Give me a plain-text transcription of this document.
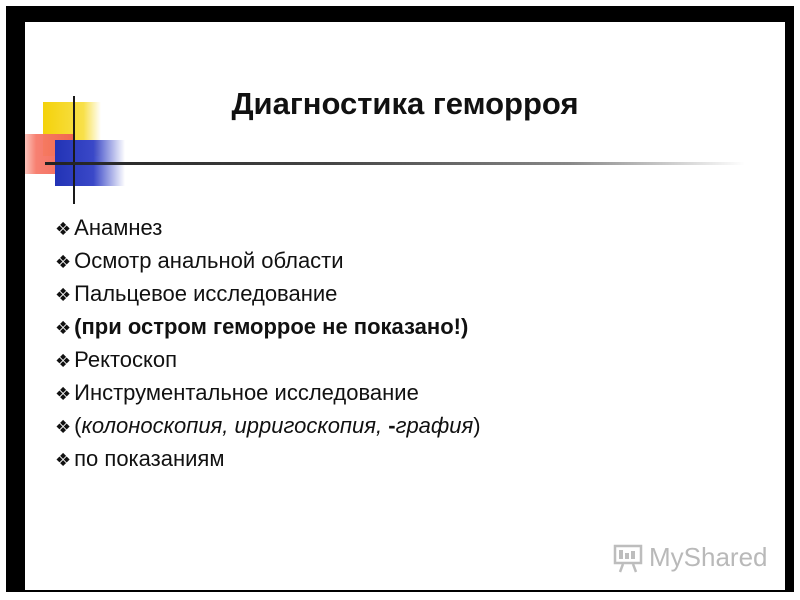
Диагностика геморроя
❖ Анамнез
❖ Осмотр анальной области
❖ Пальцевое исследование
❖ (при остром геморрое не показано!)
❖ Ректоскоп
❖ Инструментальное исследование
❖ (колоноскопия, ирригоскопия, -графия)
❖ по показаниям
MyShared
